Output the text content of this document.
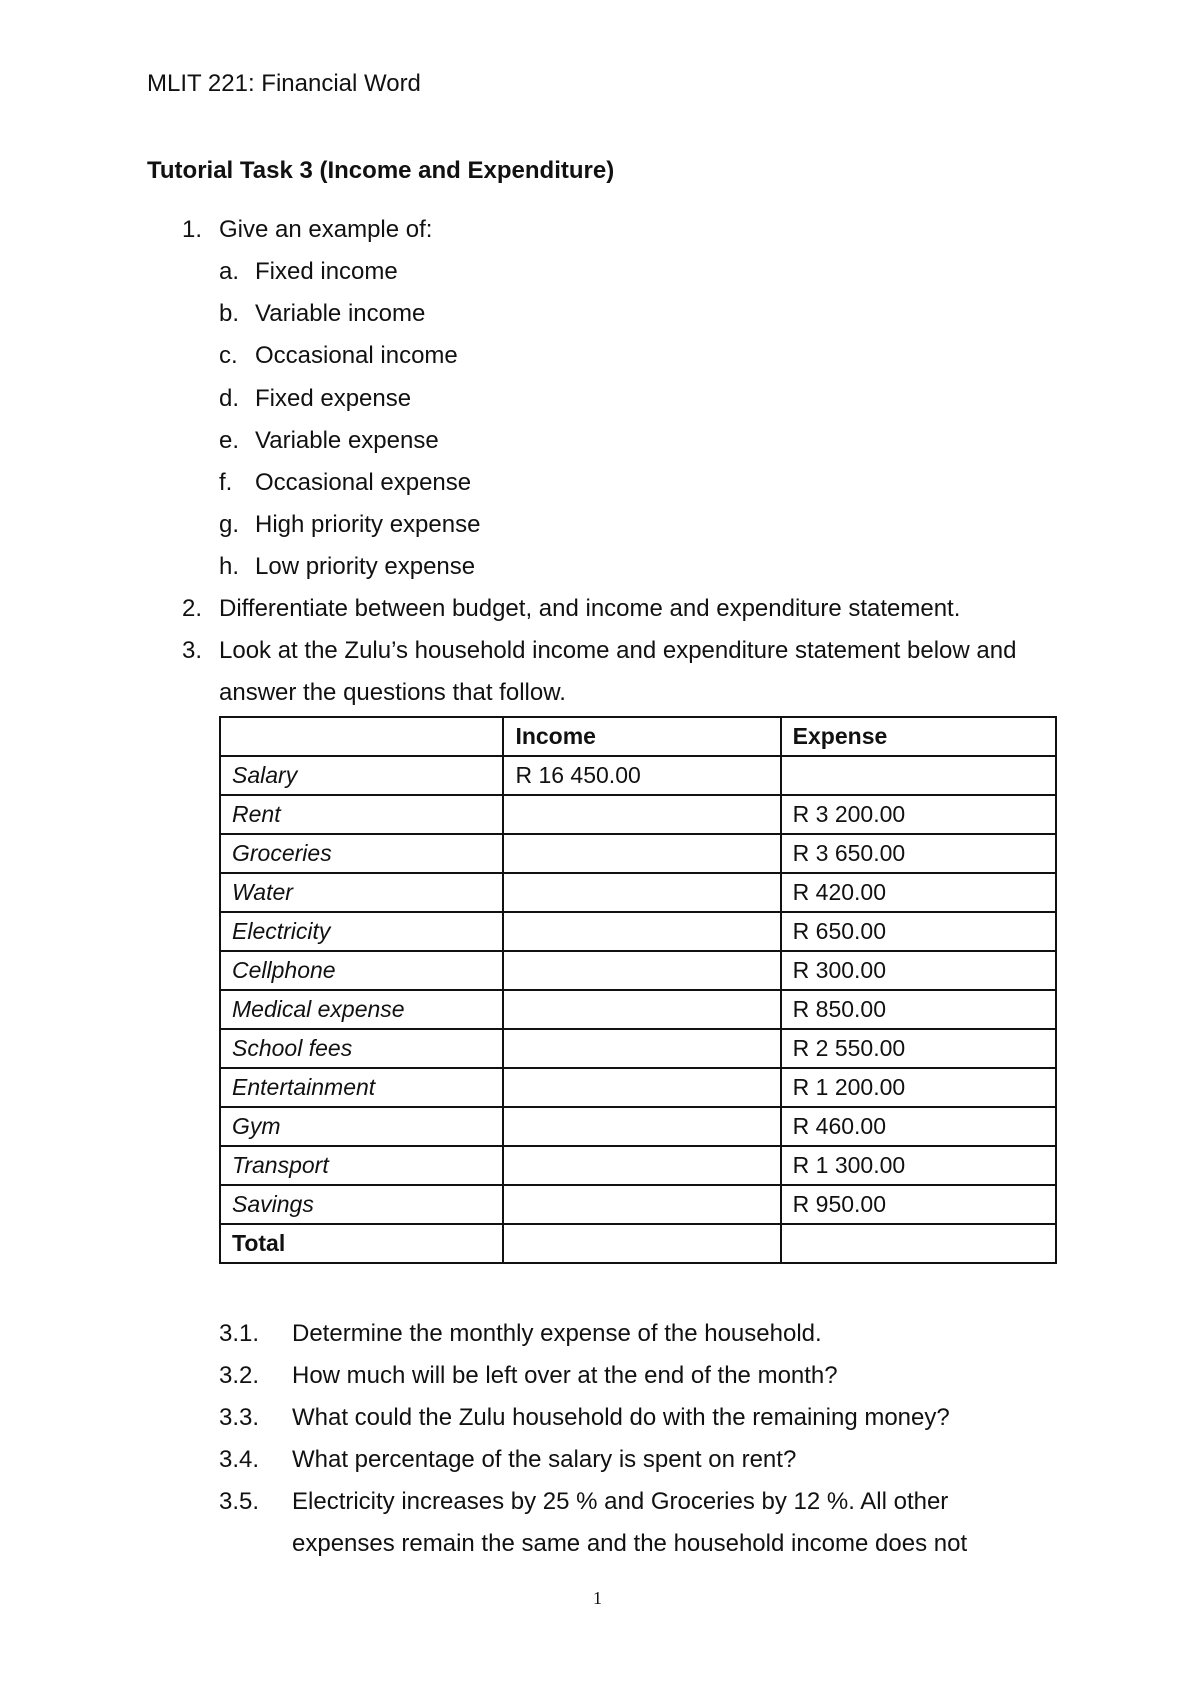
MLIT 221: Financial Word
Tutorial Task 3 (Income and Expenditure)
1. Give an example of:
a. Fixed income
b. Variable income
c. Occasional income
d. Fixed expense
e. Variable expense
f. Occasional expense
g. High priority expense
h. Low priority expense
2. Differentiate between budget, and income and expenditure statement.
3. Look at the Zulu’s household income and expenditure statement below and
answer the questions that follow.

	Income	Expense

Salary	R 16 450.00	

Rent		R 3 200.00

Groceries		R 3 650.00

Water		R 420.00

Electricity		R 650.00

Cellphone		R 300.00

Medical expense		R 850.00

School fees		R 2 550.00

Entertainment		R 1 200.00

Gym		R 460.00

Transport		R 1 300.00

Savings		R 950.00

Total		

3.1. Determine the monthly expense of the household.
3.2. How much will be left over at the end of the month?
3.3. What could the Zulu household do with the remaining money?
3.4. What percentage of the salary is spent on rent?
3.5. Electricity increases by 25 % and Groceries by 12 %. All other
expenses remain the same and the household income does not
1
